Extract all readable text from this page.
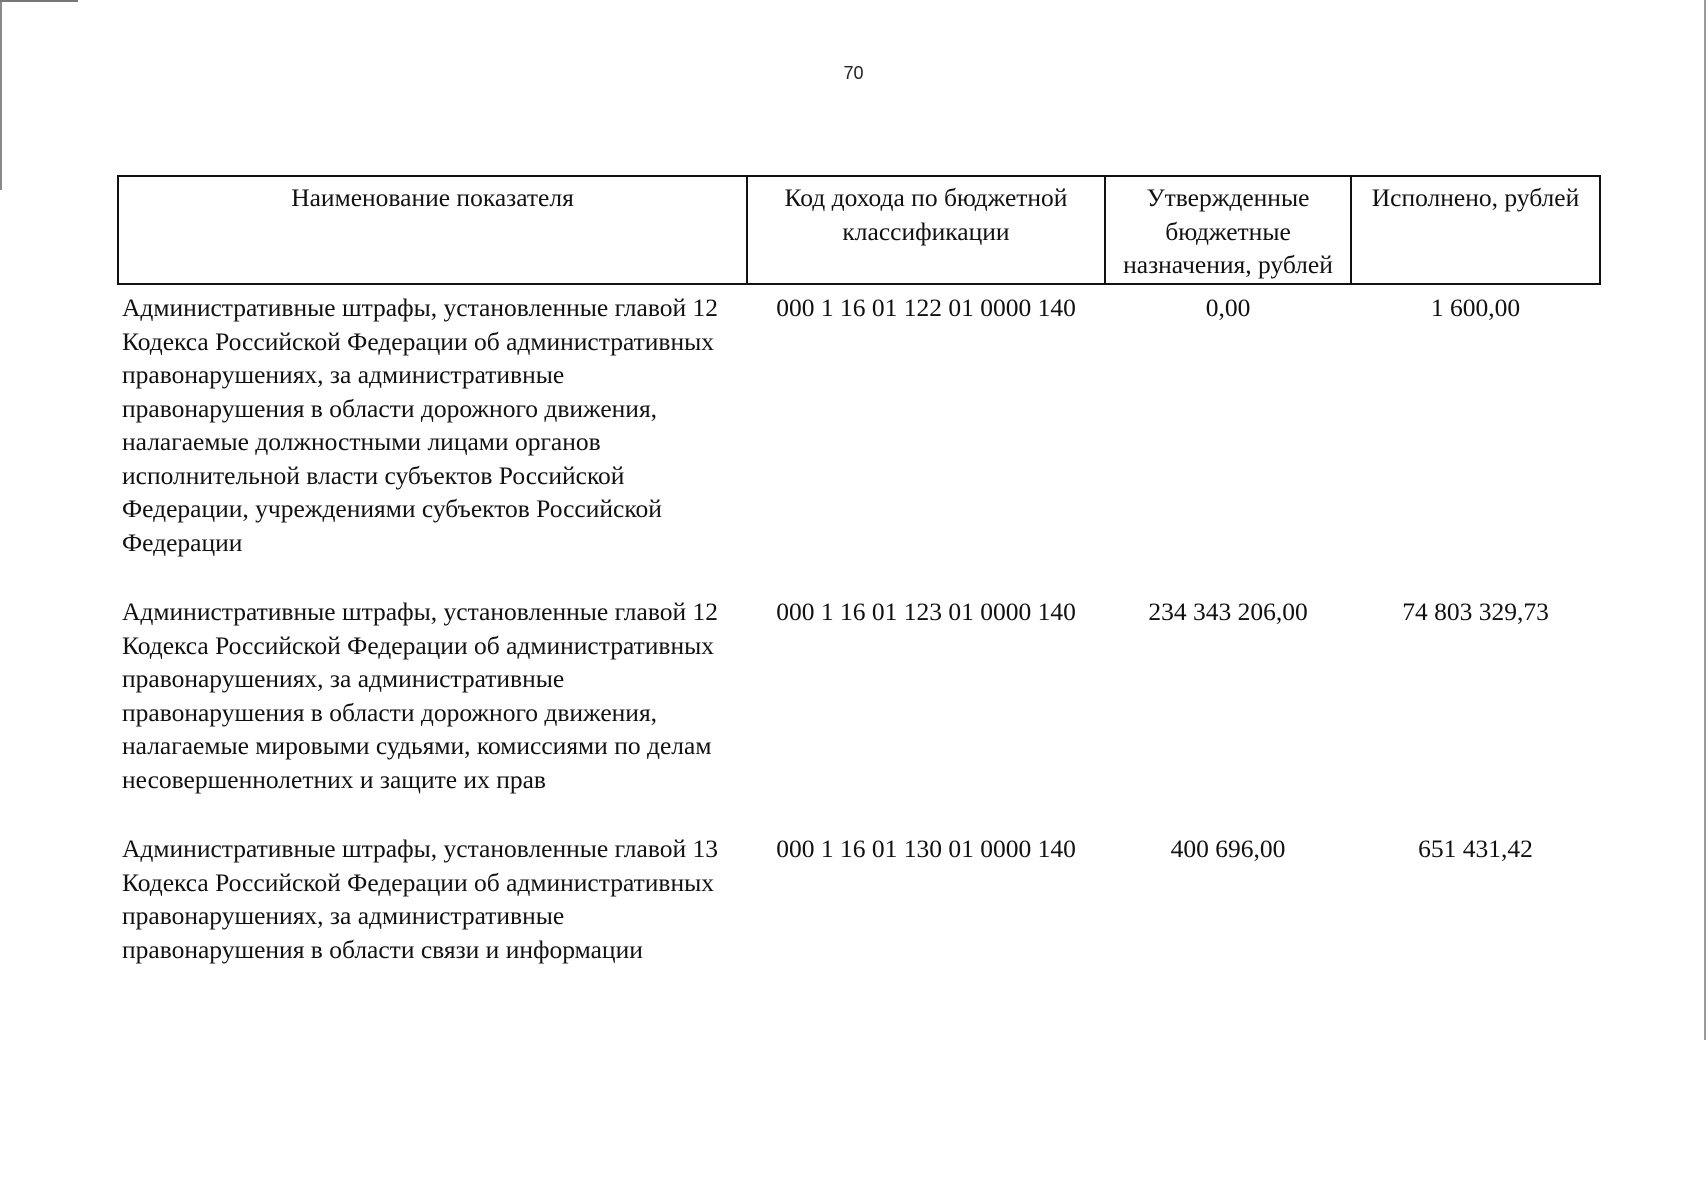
70
Наименование показателя	Код дохода по бюджетной классификации	Утвержденные бюджетные назначения, рублей	Исполнено, рублей
Административные штрафы, установленные главой 12 Кодекса Российской Федерации об административных правонарушениях, за административные правонарушения в области дорожного движения, налагаемые должностными лицами органов исполнительной власти субъектов Российской Федерации, учреждениями субъектов Российской Федерации	000 1 16 01 122 01 0000 140	0,00	1 600,00
Административные штрафы, установленные главой 12 Кодекса Российской Федерации об административных правонарушениях, за административные правонарушения в области дорожного движения, налагаемые мировыми судьями, комиссиями по делам несовершеннолетних и защите их прав	000 1 16 01 123 01 0000 140	234 343 206,00	74 803 329,73
Административные штрафы, установленные главой 13 Кодекса Российской Федерации об административных правонарушениях, за административные правонарушения в области связи и информации	000 1 16 01 130 01 0000 140	400 696,00	651 431,42
